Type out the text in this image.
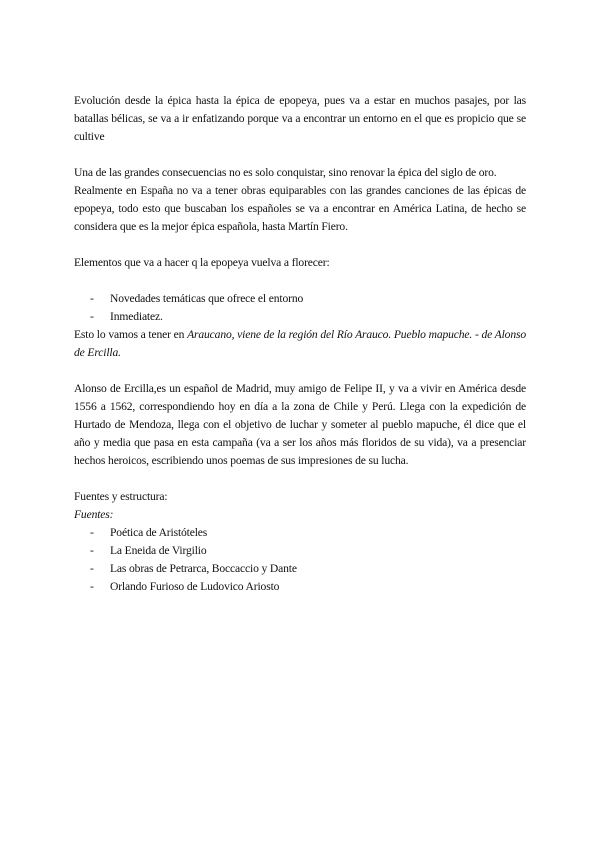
Evolución desde la épica hasta la épica de epopeya, pues va a estar en muchos pasajes, por las batallas bélicas, se va a ir enfatizando porque va a encontrar un entorno en el que es propicio que se cultive

Una de las grandes consecuencias no es solo conquistar, sino renovar la épica del siglo de oro.

Realmente en España no va a tener obras equiparables con las grandes canciones de las épicas de epopeya, todo esto que buscaban los españoles se va a encontrar en América Latina, de hecho se considera que es la mejor épica española, hasta Martín Fiero.

Elementos que va a hacer q la epopeya vuelva a florecer:

- Novedades temáticas que ofrece el entorno
- Inmediatez.

Esto lo vamos a tener en Araucano, viene de la región del Río Arauco. Pueblo mapuche. - de Alonso de Ercilla.

Alonso de Ercilla,es un español de Madrid, muy amigo de Felipe II, y va a vivir en América desde 1556 a 1562, correspondiendo hoy en día a la zona de Chile y Perú. Llega con la expedición de Hurtado de Mendoza, llega con el objetivo de luchar y someter al pueblo mapuche, él dice que el año y media que pasa en esta campaña (va a ser los años más floridos de su vida), va a presenciar hechos heroicos, escribiendo unos poemas de sus impresiones de su lucha.

Fuentes y estructura:

Fuentes:

- Poética de Aristóteles
- La Eneida de Virgilio
- Las obras de Petrarca, Boccaccio y Dante
- Orlando Furioso de Ludovico Ariosto
